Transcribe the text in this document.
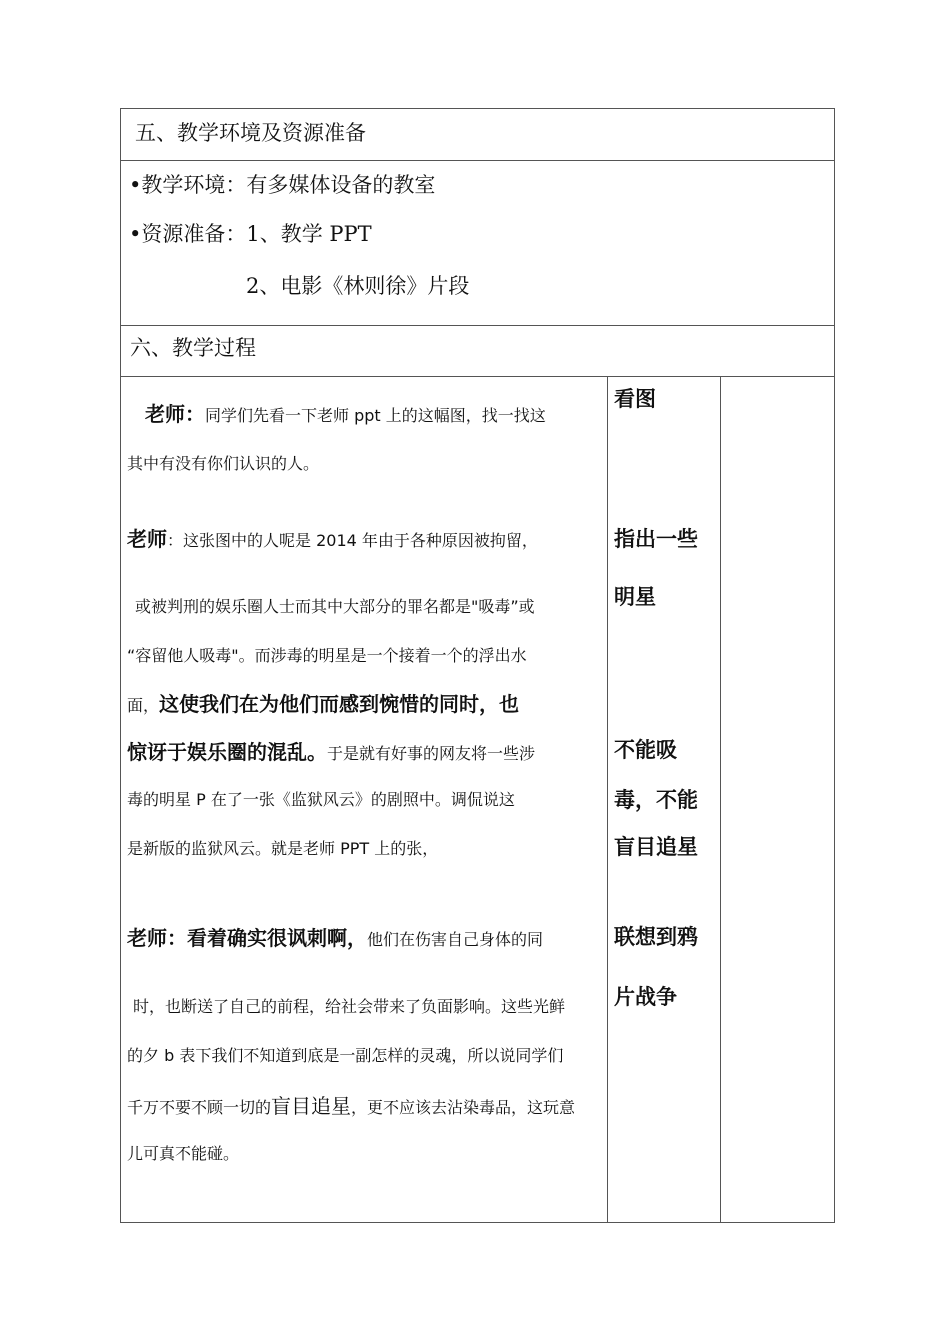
五、教学环境及资源准备
•教学环境：有多媒体设备的教室
•资源准备：1、教学 PPT
2、电影《林则徐》片段
六、教学过程
老师：同学们先看一下老师 ppt 上的这幅图，找一找这
其中有没有你们认识的人。
老师：这张图中的人呢是 2014 年由于各种原因被拘留，
或被判刑的娱乐圈人士而其中大部分的罪名都是"吸毒”或
“容留他人吸毒"。而涉毒的明星是一个接着一个的浮出水
面，这使我们在为他们而感到惋惜的同时，也
惊讶于娱乐圈的混乱。于是就有好事的网友将一些涉
毒的明星 P 在了一张《监狱风云》的剧照中。调侃说这
是新版的监狱风云。就是老师 PPT 上的张，
老师：看着确实很讽刺啊，他们在伤害自己身体的同
时，也断送了自己的前程，给社会带来了负面影响。这些光鲜
的夕 b 表下我们不知道到底是一副怎样的灵魂，所以说同学们
千万不要不顾一切的盲目追星，更不应该去沾染毒品，这玩意
儿可真不能碰。
看图
指出一些
明星
不能吸
毒，不能
盲目追星
联想到鸦
片战争
